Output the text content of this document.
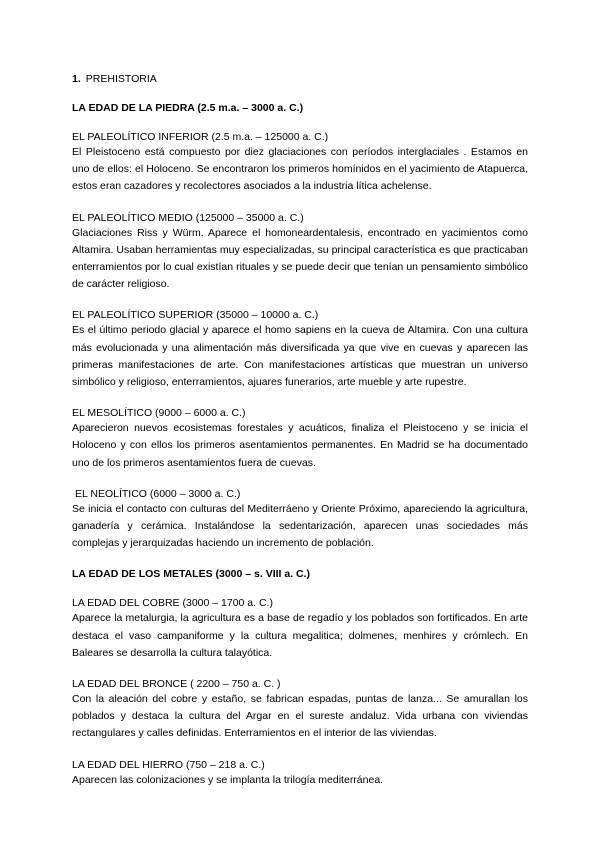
1. PREHISTORIA
LA EDAD DE LA PIEDRA (2.5 m.a. – 3000 a. C.)

EL PALEOLÍTICO INFERIOR (2.5 m.a. – 125000 a. C.)

El Pleistoceno está compuesto por diez glaciaciones con períodos interglaciales . Estamos en uno de ellos: el Holoceno. Se encontraron los primeros homínidos en el yacimiento de Atapuerca, estos eran cazadores y recolectores asociados a la industria lítica achelense.

EL PALEOLÍTICO MEDIO (125000 – 35000 a. C.)

Glaciaciones Riss y Würm. Aparece el homoneardentalesis, encontrado en yacimientos como Altamira. Usaban herramientas muy especializadas, su principal característica es que practicaban enterramientos por lo cual existían rituales y se puede decir que tenían un pensamiento simbólico de carácter religioso.

EL PALEOLÍTICO SUPERIOR (35000 – 10000 a. C.)

Es el último periodo glacial y aparece el homo sapiens en la cueva de Altamira. Con una cultura más evolucionada y una alimentación más diversificada ya que vive en cuevas y aparecen las primeras manifestaciones de arte. Con manifestaciones artísticas que muestran un universo simbólico y religioso, enterramientos, ajuares funerarios, arte mueble y arte rupestre.

EL MESOLÍTICO (9000 – 6000 a. C.)

Aparecieron nuevos ecosistemas forestales y acuáticos, finaliza el Pleistoceno y se inicia el Holoceno y con ellos los primeros asentamientos permanentes. En Madrid se ha documentado uno de los primeros asentamientos fuera de cuevas.

EL NEOLÍTICO (6000 – 3000 a. C.)

Se inicia el contacto con culturas del Mediterráeno y Oriente Próximo, apareciendo la agricultura, ganadería y cerámica. Instalándose la sedentarización, aparecen unas sociedades más complejas y jerarquizadas haciendo un incremento de población.

LA EDAD DE LOS METALES (3000 – s. VIII a. C.)

LA EDAD DEL COBRE (3000 – 1700 a. C.)

Aparece la metalurgia, la agricultura es a base de regadío y los poblados son fortificados. En arte destaca el vaso campaniforme y la cultura megalitica; dolmenes, menhires y crómlech. En Baleares se desarrolla la cultura talayótica.

LA EDAD DEL BRONCE ( 2200 – 750 a. C. )

Con la aleación del cobre y estaño, se fabrican espadas, puntas de lanza... Se amurallan los poblados y destaca la cultura del Argar en el sureste andaluz. Vida urbana con viviendas rectangulares y calles definidas. Enterramientos en el interior de las viviendas.

LA EDAD DEL HIERRO (750 – 218 a. C.)

Aparecen las colonizaciones y se implanta la trilogía mediterránea.
